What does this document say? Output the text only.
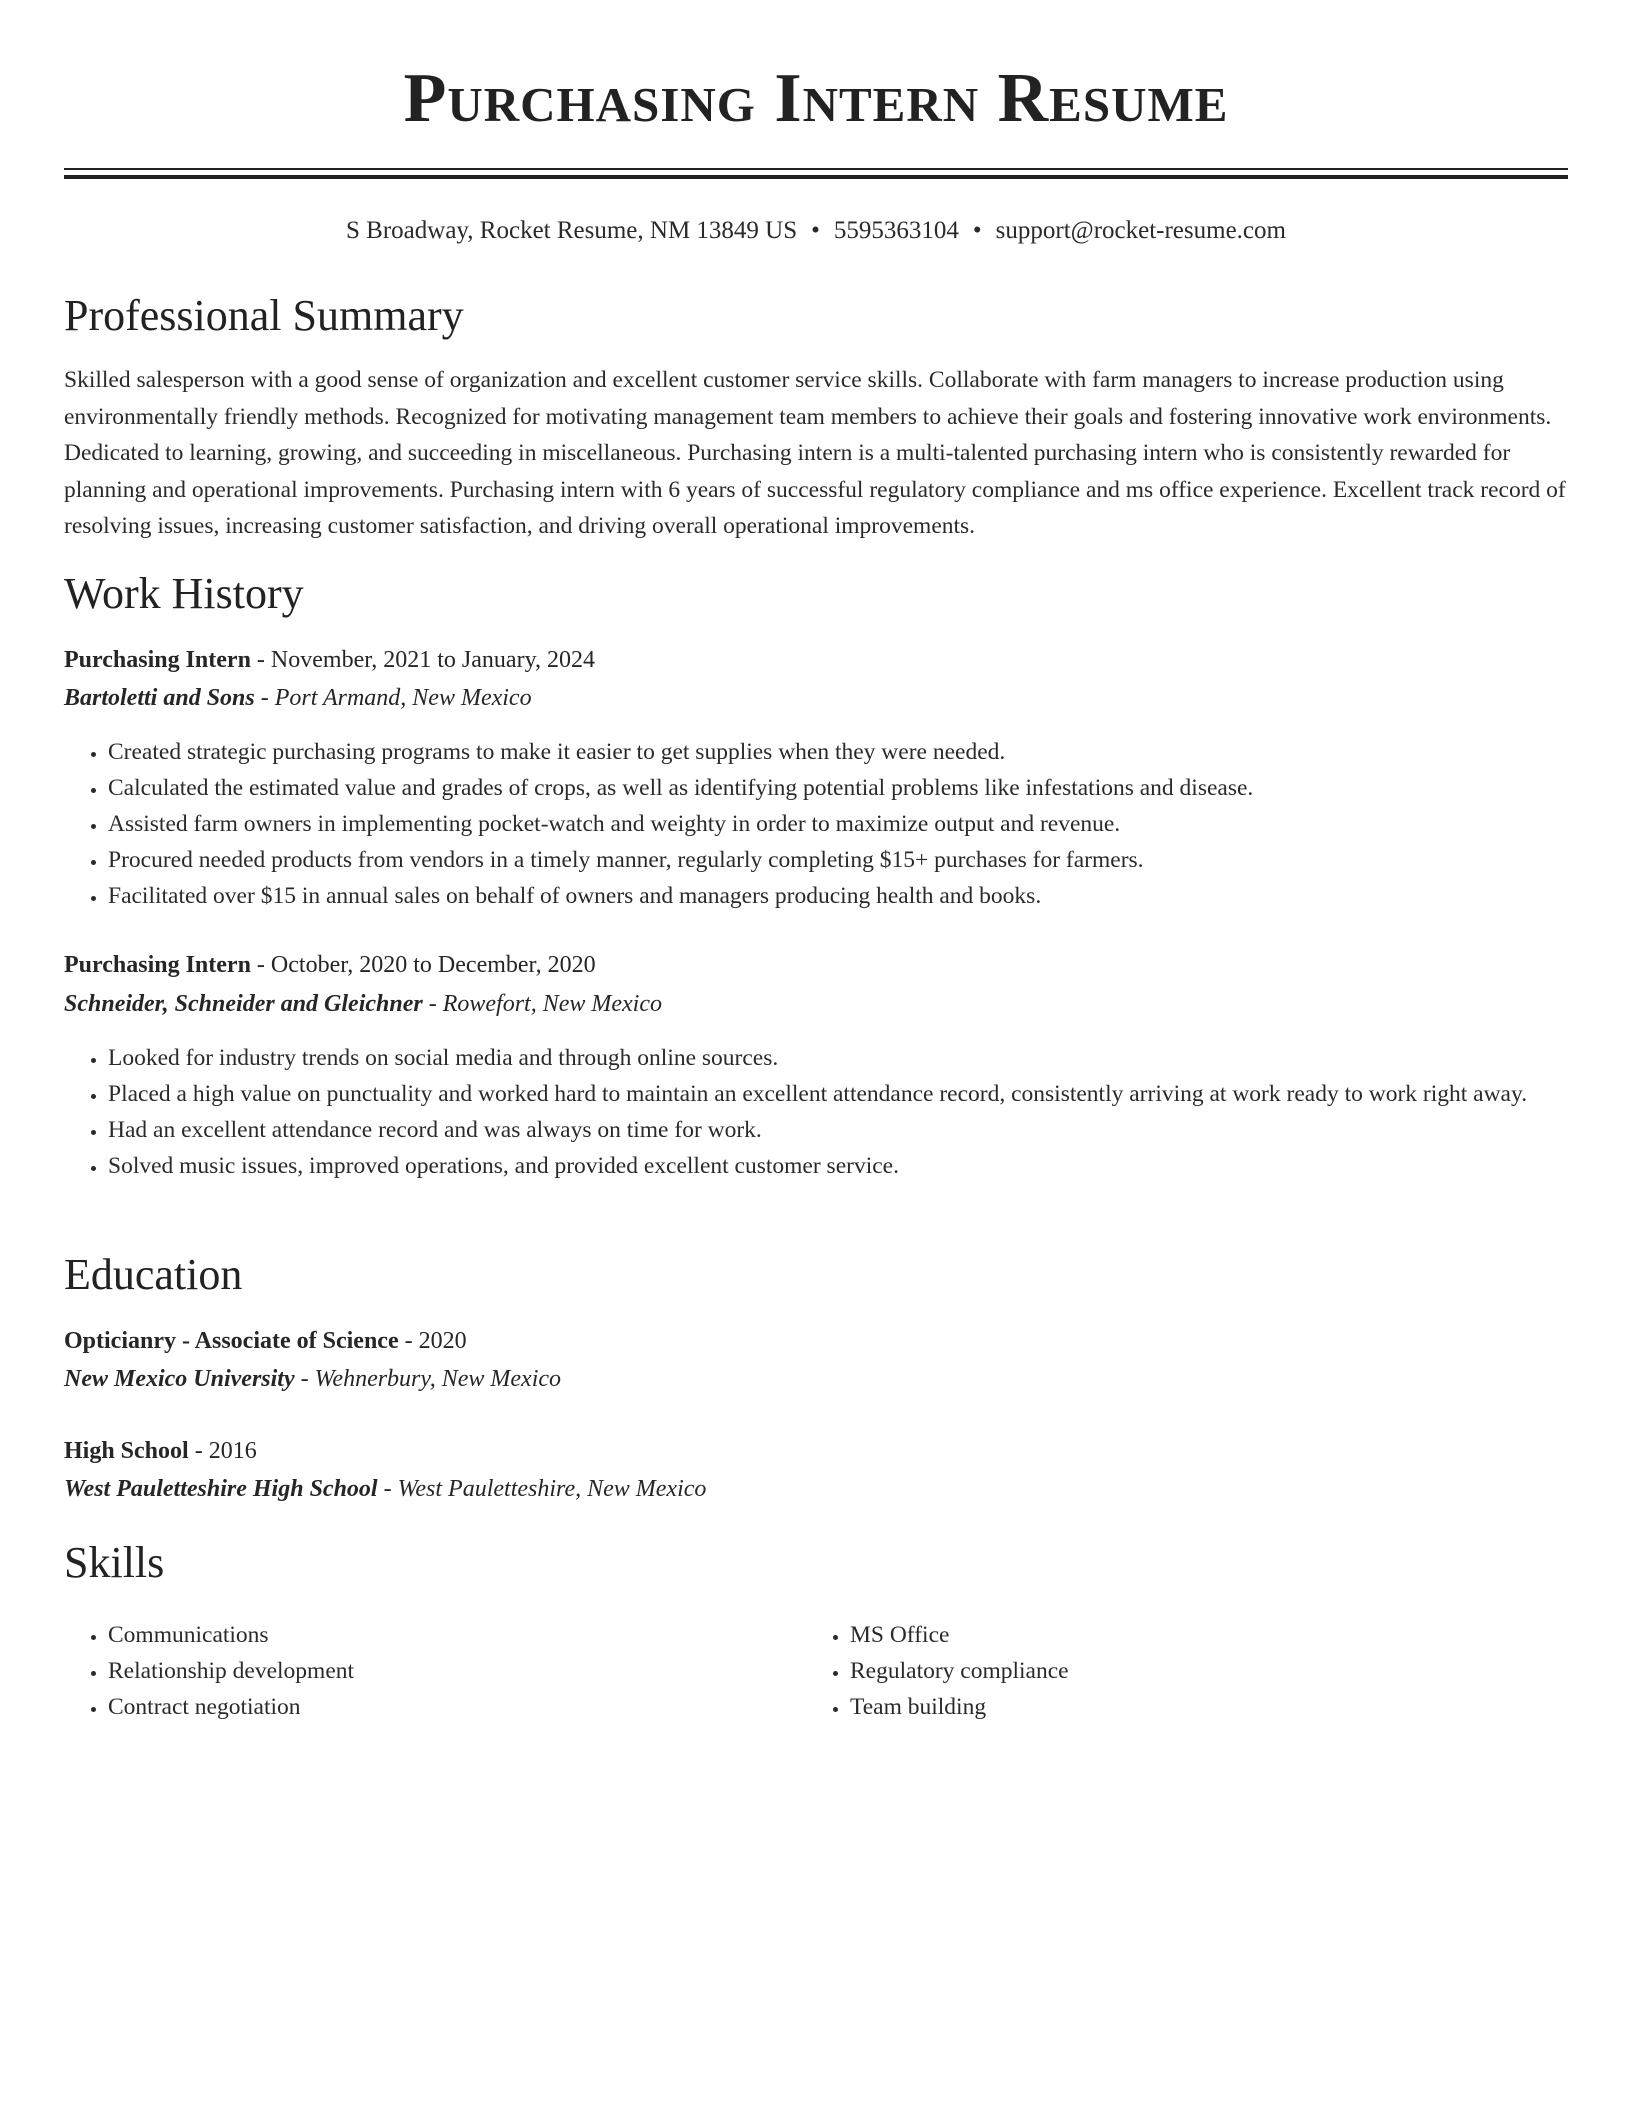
Purchasing Intern Resume
S Broadway, Rocket Resume, NM 13849 US • 5595363104 • support@rocket-resume.com
Professional Summary
Skilled salesperson with a good sense of organization and excellent customer service skills. Collaborate with farm managers to increase production using environmentally friendly methods. Recognized for motivating management team members to achieve their goals and fostering innovative work environments. Dedicated to learning, growing, and succeeding in miscellaneous. Purchasing intern is a multi-talented purchasing intern who is consistently rewarded for planning and operational improvements. Purchasing intern with 6 years of successful regulatory compliance and ms office experience. Excellent track record of resolving issues, increasing customer satisfaction, and driving overall operational improvements.
Work History
Purchasing Intern - November, 2021 to January, 2024
Bartoletti and Sons - Port Armand, New Mexico
• Created strategic purchasing programs to make it easier to get supplies when they were needed.
• Calculated the estimated value and grades of crops, as well as identifying potential problems like infestations and disease.
• Assisted farm owners in implementing pocket-watch and weighty in order to maximize output and revenue.
• Procured needed products from vendors in a timely manner, regularly completing $15+ purchases for farmers.
• Facilitated over $15 in annual sales on behalf of owners and managers producing health and books.
Purchasing Intern - October, 2020 to December, 2020
Schneider, Schneider and Gleichner - Rowefort, New Mexico
• Looked for industry trends on social media and through online sources.
• Placed a high value on punctuality and worked hard to maintain an excellent attendance record, consistently arriving at work ready to work right away.
• Had an excellent attendance record and was always on time for work.
• Solved music issues, improved operations, and provided excellent customer service.
Education
Opticianry - Associate of Science - 2020
New Mexico University - Wehnerbury, New Mexico
High School - 2016
West Pauletteshire High School - West Pauletteshire, New Mexico
Skills
• Communications
• Relationship development
• Contract negotiation
• MS Office
• Regulatory compliance
• Team building
